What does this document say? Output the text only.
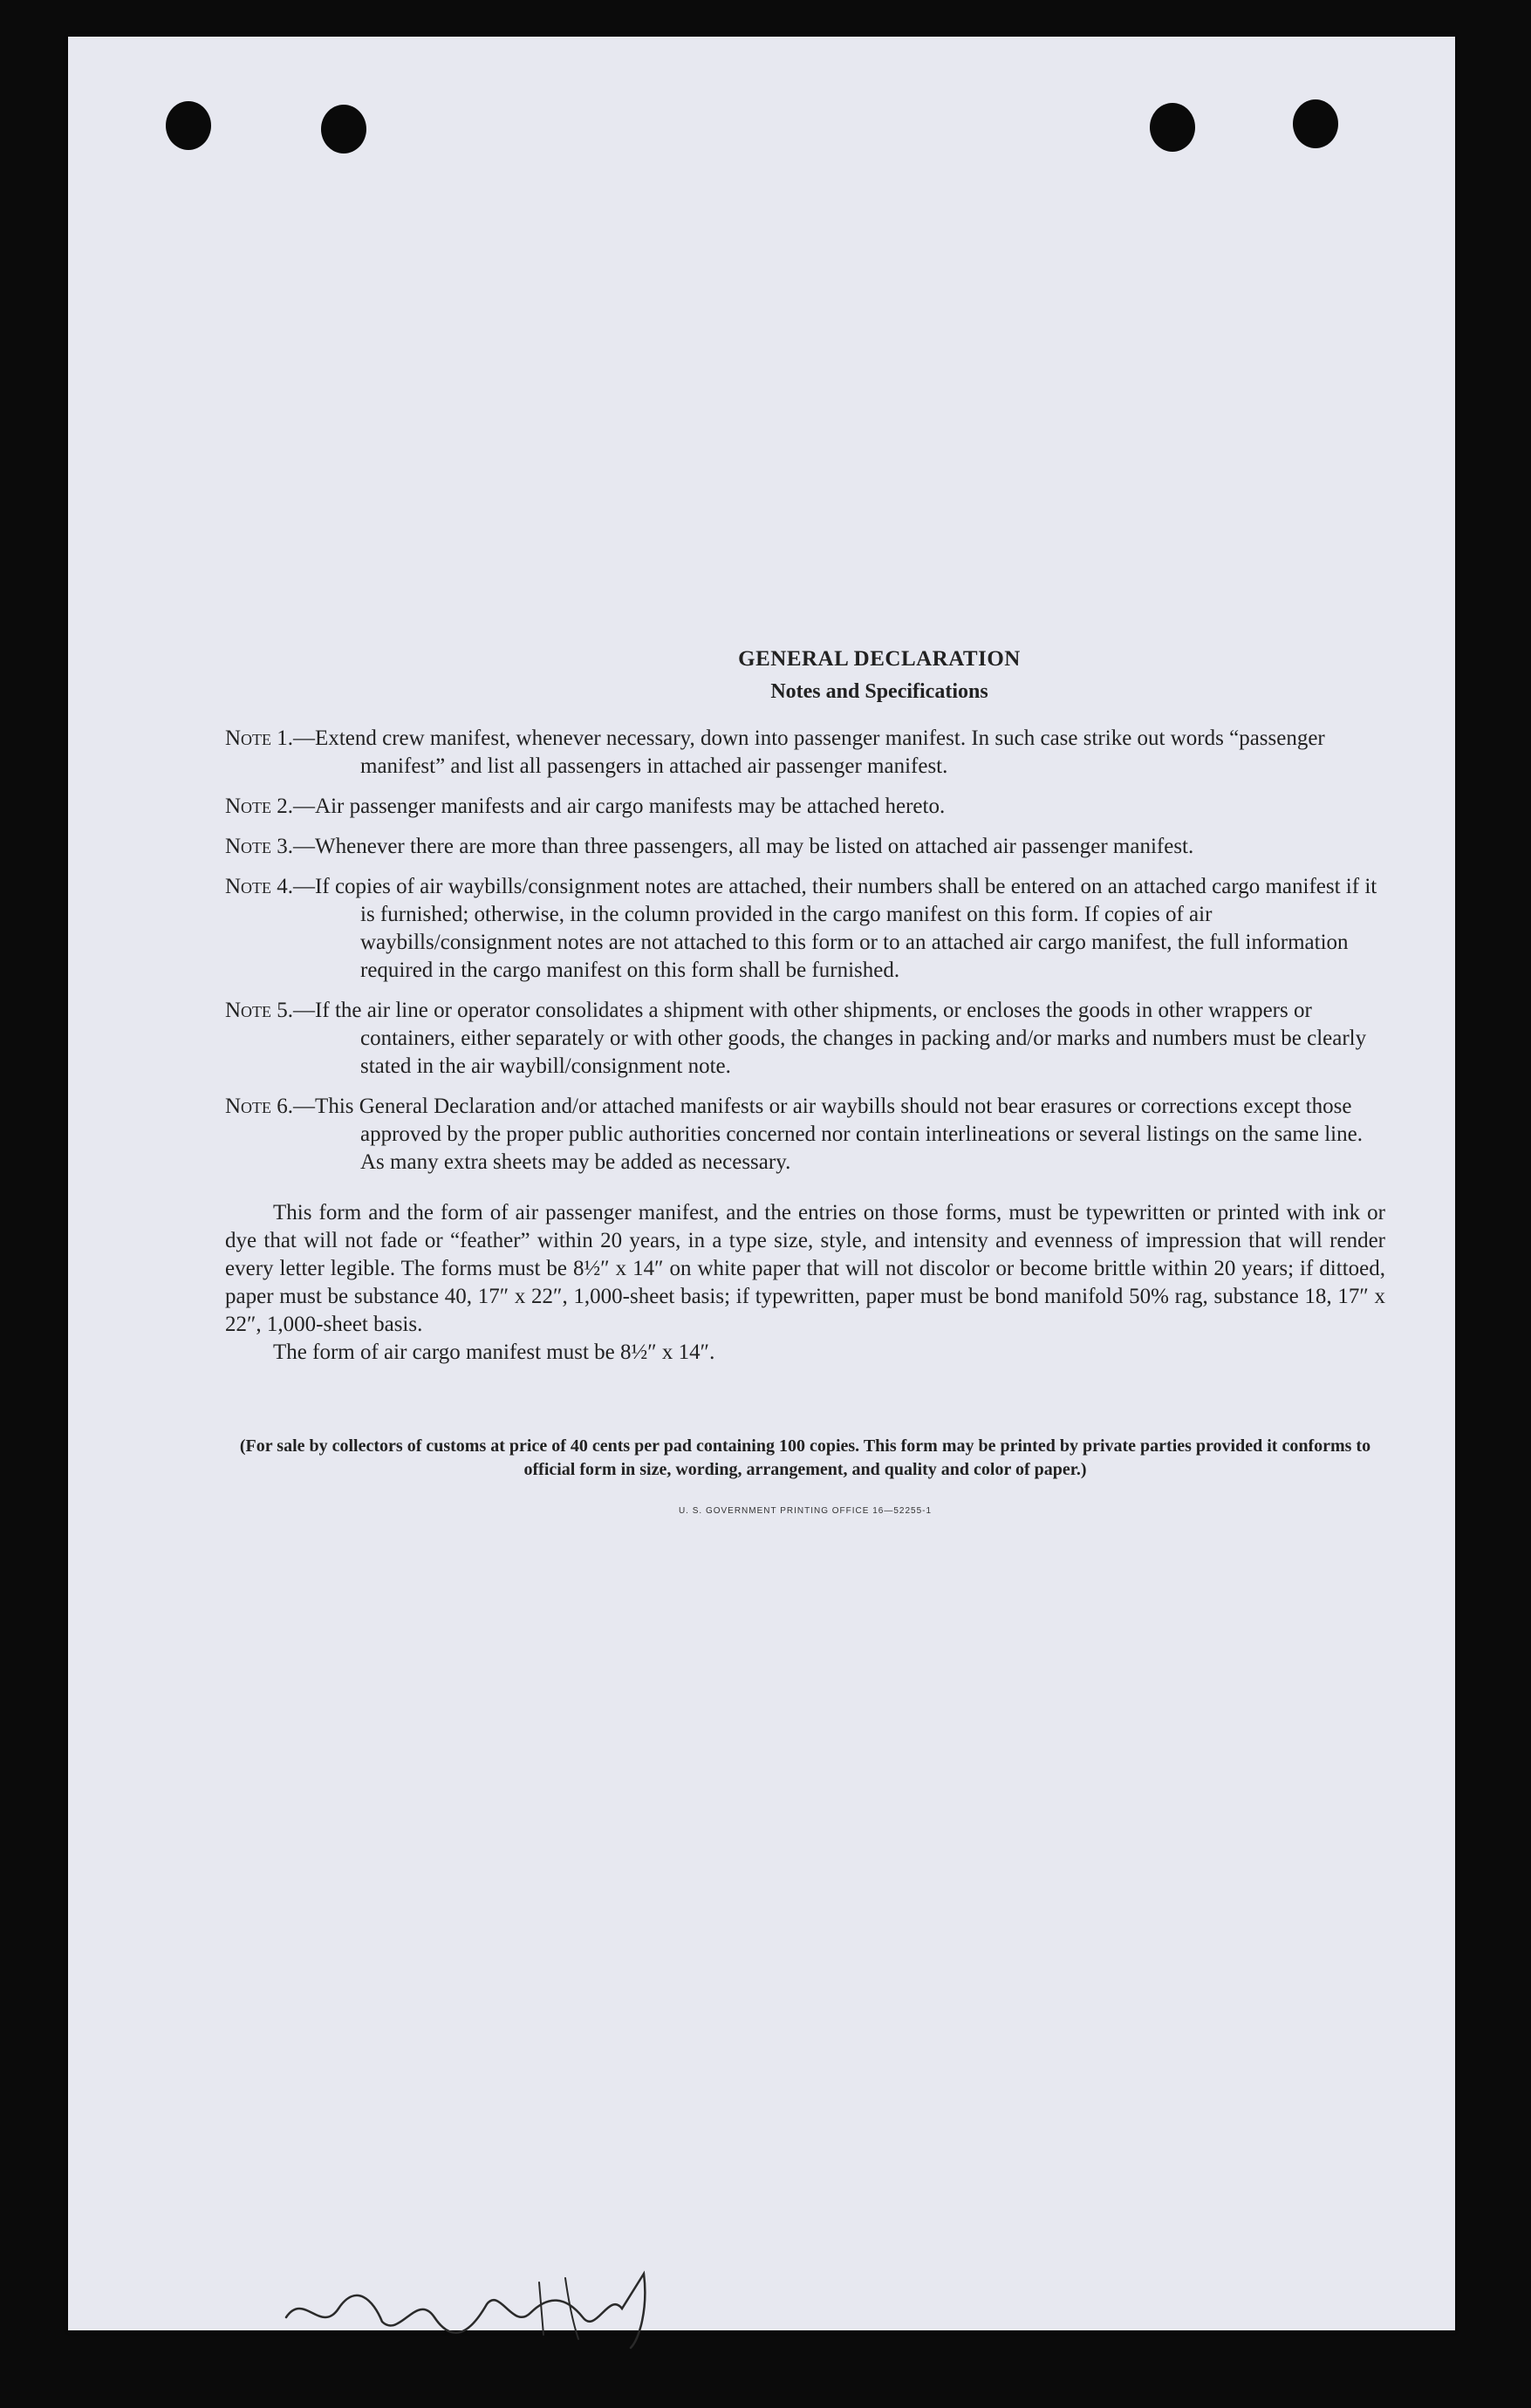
GENERAL DECLARATION

Notes and Specifications

Note 1.—Extend crew manifest, whenever necessary, down into passenger manifest. In such case strike out words “passenger manifest” and list all passengers in attached air passenger manifest.

Note 2.—Air passenger manifests and air cargo manifests may be attached hereto.

Note 3.—Whenever there are more than three passengers, all may be listed on attached air passenger manifest.

Note 4.—If copies of air waybills/consignment notes are attached, their numbers shall be entered on an attached cargo manifest if it is furnished; otherwise, in the column provided in the cargo manifest on this form. If copies of air waybills/consignment notes are not attached to this form or to an attached air cargo manifest, the full information required in the cargo manifest on this form shall be furnished.

Note 5.—If the air line or operator consolidates a shipment with other shipments, or encloses the goods in other wrappers or containers, either separately or with other goods, the changes in packing and/or marks and numbers must be clearly stated in the air waybill/consignment note.

Note 6.—This General Declaration and/or attached manifests or air waybills should not bear erasures or corrections except those approved by the proper public authorities concerned nor contain interlineations or several listings on the same line. As many extra sheets may be added as necessary.

This form and the form of air passenger manifest, and the entries on those forms, must be typewritten or printed with ink or dye that will not fade or “feather” within 20 years, in a type size, style, and intensity and evenness of impression that will render every letter legible. The forms must be 8½″ x 14″ on white paper that will not discolor or become brittle within 20 years; if dittoed, paper must be substance 40, 17″ x 22″, 1,000-sheet basis; if typewritten, paper must be bond manifold 50% rag, substance 18, 17″ x 22″, 1,000-sheet basis.

The form of air cargo manifest must be 8½″ x 14″.

(For sale by collectors of customs at price of 40 cents per pad containing 100 copies. This form may be printed by private parties provided it conforms to official form in size, wording, arrangement, and quality and color of paper.)

U. S. GOVERNMENT PRINTING OFFICE 16—52255-1
